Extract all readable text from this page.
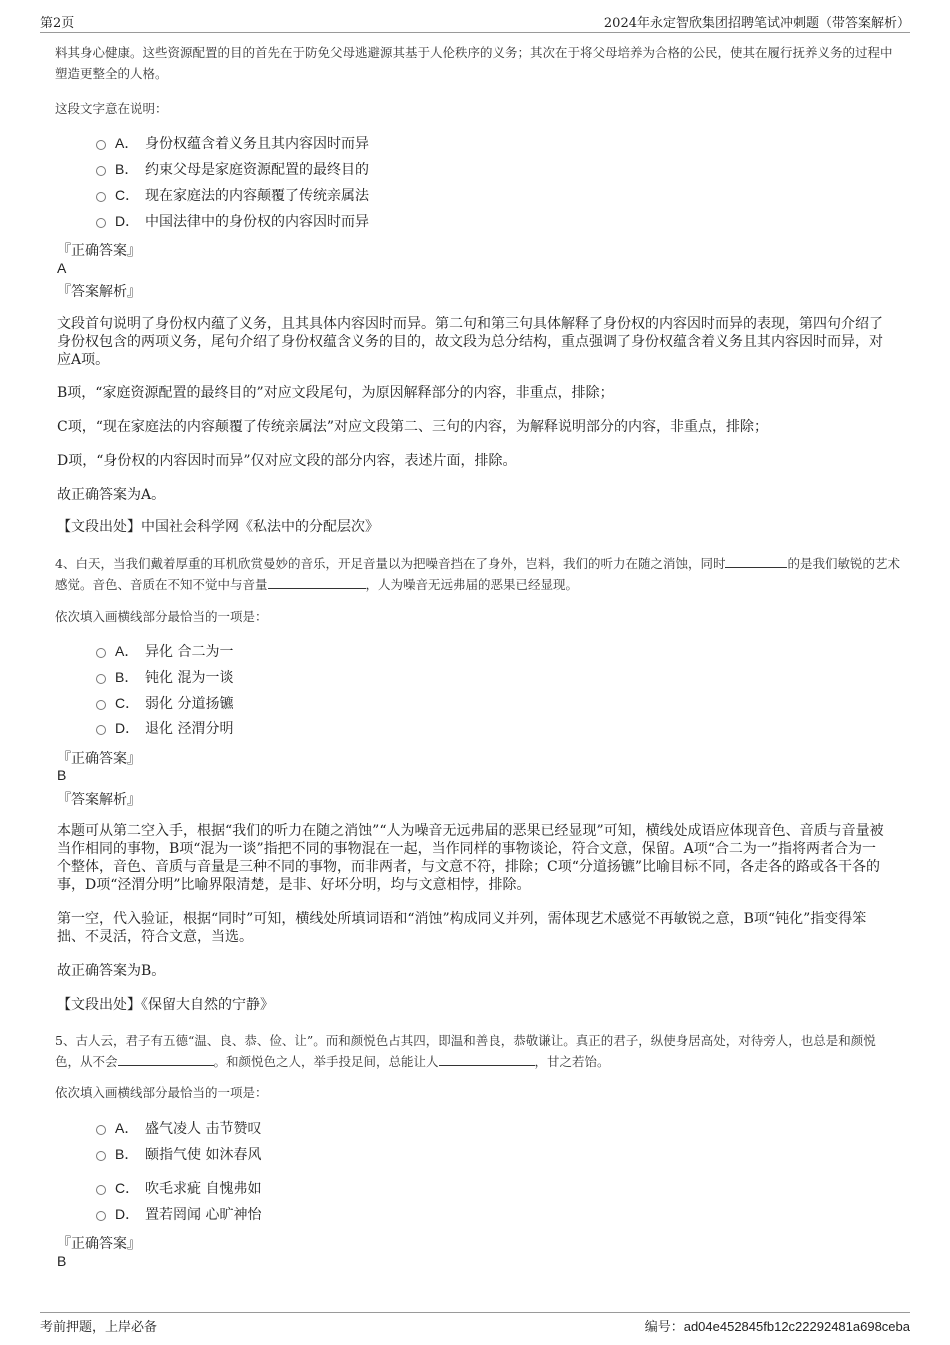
第2页	2024年永定智欣集团招聘笔试冲刺题（带答案解析）
料其身心健康。这些资源配置的目的首先在于防免父母逃避源其基于人伦秩序的义务；其次在于将父母培养为合格的公民，使其在履行抚养义务的过程中塑造更整全的人格。
这段文字意在说明：
A． 身份权蕴含着义务且其内容因时而异
B． 约束父母是家庭资源配置的最终目的
C． 现在家庭法的内容颠覆了传统亲属法
D． 中国法律中的身份权的内容因时而异
『正确答案』
A
『答案解析』
文段首句说明了身份权内蕴了义务，且其具体内容因时而异。第二句和第三句具体解释了身份权的内容因时而异的表现，第四句介绍了身份权包含的两项义务，尾句介绍了身份权蕴含义务的目的，故文段为总分结构，重点强调了身份权蕴含着义务且其内容因时而异，对应A项。
B项，“家庭资源配置的最终目的”对应文段尾句，为原因解释部分的内容，非重点，排除；
C项，“现在家庭法的内容颠覆了传统亲属法”对应文段第二、三句的内容，为解释说明部分的内容，非重点，排除；
D项，“身份权的内容因时而异”仅对应文段的部分内容，表述片面，排除。
故正确答案为A。
【文段出处】中国社会科学网《私法中的分配层次》
4、白天，当我们戴着厚重的耳机欣赏曼妙的音乐，开足音量以为把噪音挡在了身外，岂料，我们的听力在随之消蚀，同时	的是我们敏锐的艺术感觉。音色、音质在不知不觉中与音量	，人为噪音无远弗届的恶果已经显现。
依次填入画横线部分最恰当的一项是：
A． 异化 合二为一
B． 钝化 混为一谈
C． 弱化 分道扬镳
D． 退化 泾渭分明
『正确答案』
B
『答案解析』
本题可从第二空入手，根据“我们的听力在随之消蚀”“人为噪音无远弗届的恶果已经显现”可知，横线处成语应体现音色、音质与音量被当作相同的事物，B项“混为一谈”指把不同的事物混在一起，当作同样的事物谈论，符合文意，保留。A项“合二为一”指将两者合为一个整体，音色、音质与音量是三种不同的事物，而非两者，与文意不符，排除；C项“分道扬镳”比喻目标不同，各走各的路或各干各的事，D项“泾渭分明”比喻界限清楚，是非、好坏分明，均与文意相悖，排除。
第一空，代入验证，根据“同时”可知，横线处所填词语和“消蚀”构成同义并列，需体现艺术感觉不再敏锐之意，B项“钝化”指变得笨拙、不灵活，符合文意，当选。
故正确答案为B。
【文段出处】《保留大自然的宁静》
5、古人云，君子有五德“温、良、恭、俭、让”。而和颜悦色占其四，即温和善良，恭敬谦让。真正的君子，纵使身居高处，对待旁人，也总是和颜悦色，从不会	。和颜悦色之人，举手投足间，总能让人	，甘之若饴。
依次填入画横线部分最恰当的一项是：
A． 盛气凌人 击节赞叹
B． 颐指气使 如沐春风
C． 吹毛求疵 自愧弗如
D． 置若罔闻 心旷神怡
『正确答案』
B
考前押题，上岸必备	编号：ad04e452845fb12c22292481a698ceba
